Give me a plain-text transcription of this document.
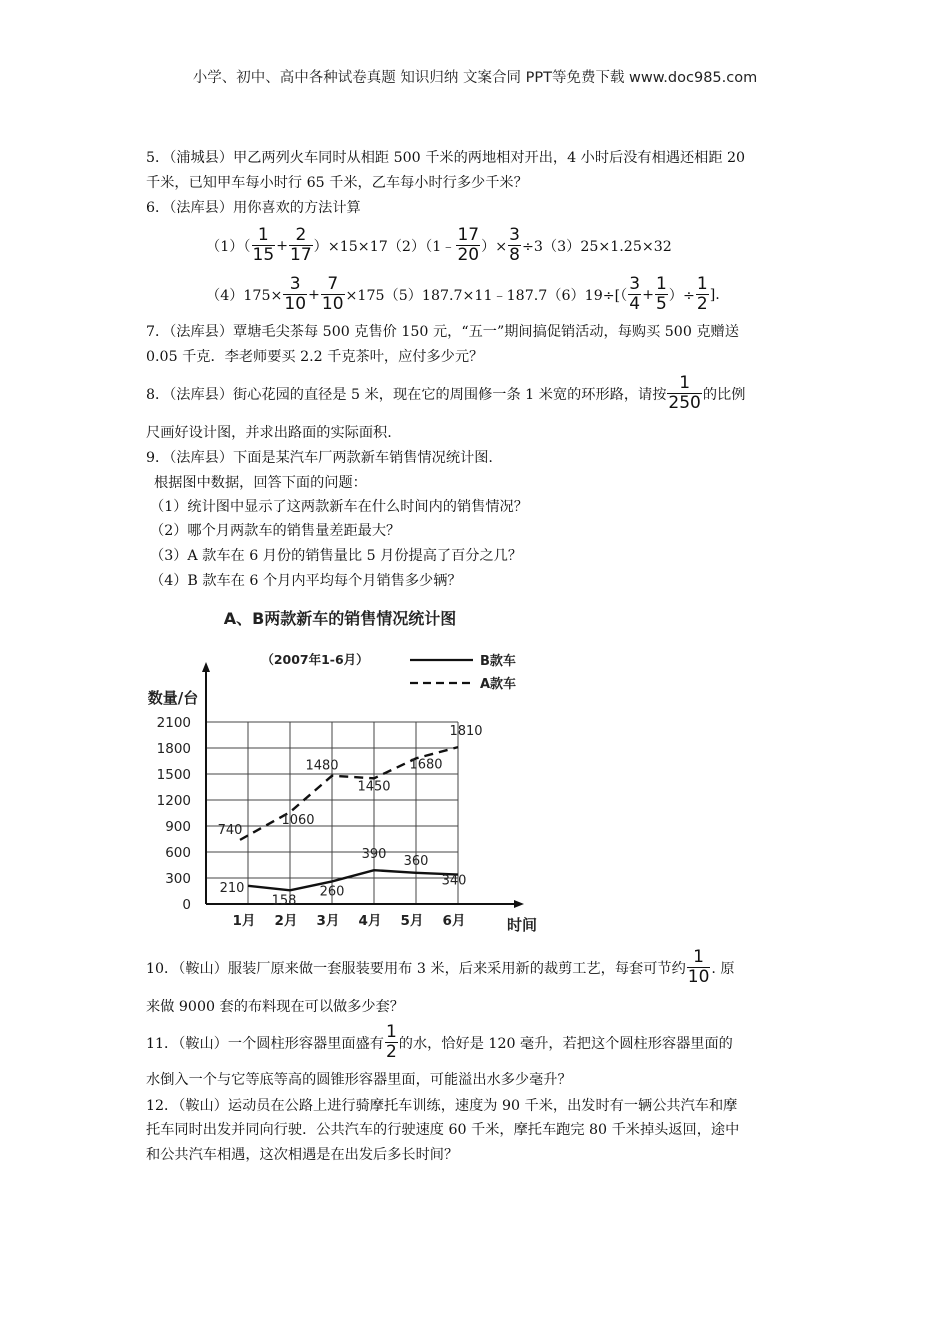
小学、初中、高中各种试卷真题 知识归纳 文案合同 PPT等免费下载 www.doc985.com
5．（浦城县）甲乙两列火车同时从相距 500 千米的两地相对开出，4 小时后没有相遇还相距 20
千米，已知甲车每小时行 65 千米，乙车每小时行多少千米？
6．（法库县）用你喜欢的方法计算
$(1)( \frac{1}{15} + \frac{2}{17}$ ）×15×17（2）（1﹣ $\frac{17}{20}$ ）× $\frac{3}{8} \div 3(3)25\times 1.25\times 32$
$(4)175\times \frac{3}{10} + \frac{7}{10}$ ×175（5）187.7×11﹣187.7（6）19÷[（ $\frac{3}{4} + \frac{1}{5}$ ）÷ $\frac{1}{2}$ ].
7．（法库县）覃塘毛尖茶每 500 克售价 150 元，“五一”期间搞促销活动，每购买 500 克赠送
0.05 千克．李老师要买 2.2 千克茶叶，应付多少元？
8．（法库县）街心花园的直径是 5 米，现在它的周围修一条 1 米宽的环形路，请按 $\frac{1}{250}$ 的比例
尺画好设计图，并求出路面的实际面积.
9．（法库县）下面是某汽车厂两款新车销售情况统计图.
根据图中数据，回答下面的问题：
（1）统计图中显示了这两款新车在什么时间内的销售情况？
（2）哪个月两款车的销售量差距最大？
（3）A 款车在 6 月份的销售量比 5 月份提高了百分之几？
（4）B 款车在 6 个月内平均每个月销售多少辆？
A、B两款新车的销售情况统计图
（2007年1-6月）
数量/台
时间
B款车
A款车
0
300
600
900
1200
1500
1800
2100
1月 2月 3月 4月 5月 6月
210
158
260
390 360
340
740
1060
1480
1450
1680
1810
10．（鞍山）服装厂原来做一套服装要用布 3 米，后来采用新的裁剪工艺，每套可节约 $\frac{1}{10}$ . 原
来做 9000 套的布料现在可以做多少套？
11．（鞍山）一个圆柱形容器里面盛有 $\frac{1}{2}$ 的水，恰好是 120 毫升，若把这个圆柱形容器里面的
水倒入一个与它等底等高的圆锥形容器里面，可能溢出水多少毫升？
12．（鞍山）运动员在公路上进行骑摩托车训练，速度为 90 千米，出发时有一辆公共汽车和摩
托车同时出发并同向行驶．公共汽车的行驶速度 60 千米，摩托车跑完 80 千米掉头返回，途中
和公共汽车相遇，这次相遇是在出发后多长时间？
